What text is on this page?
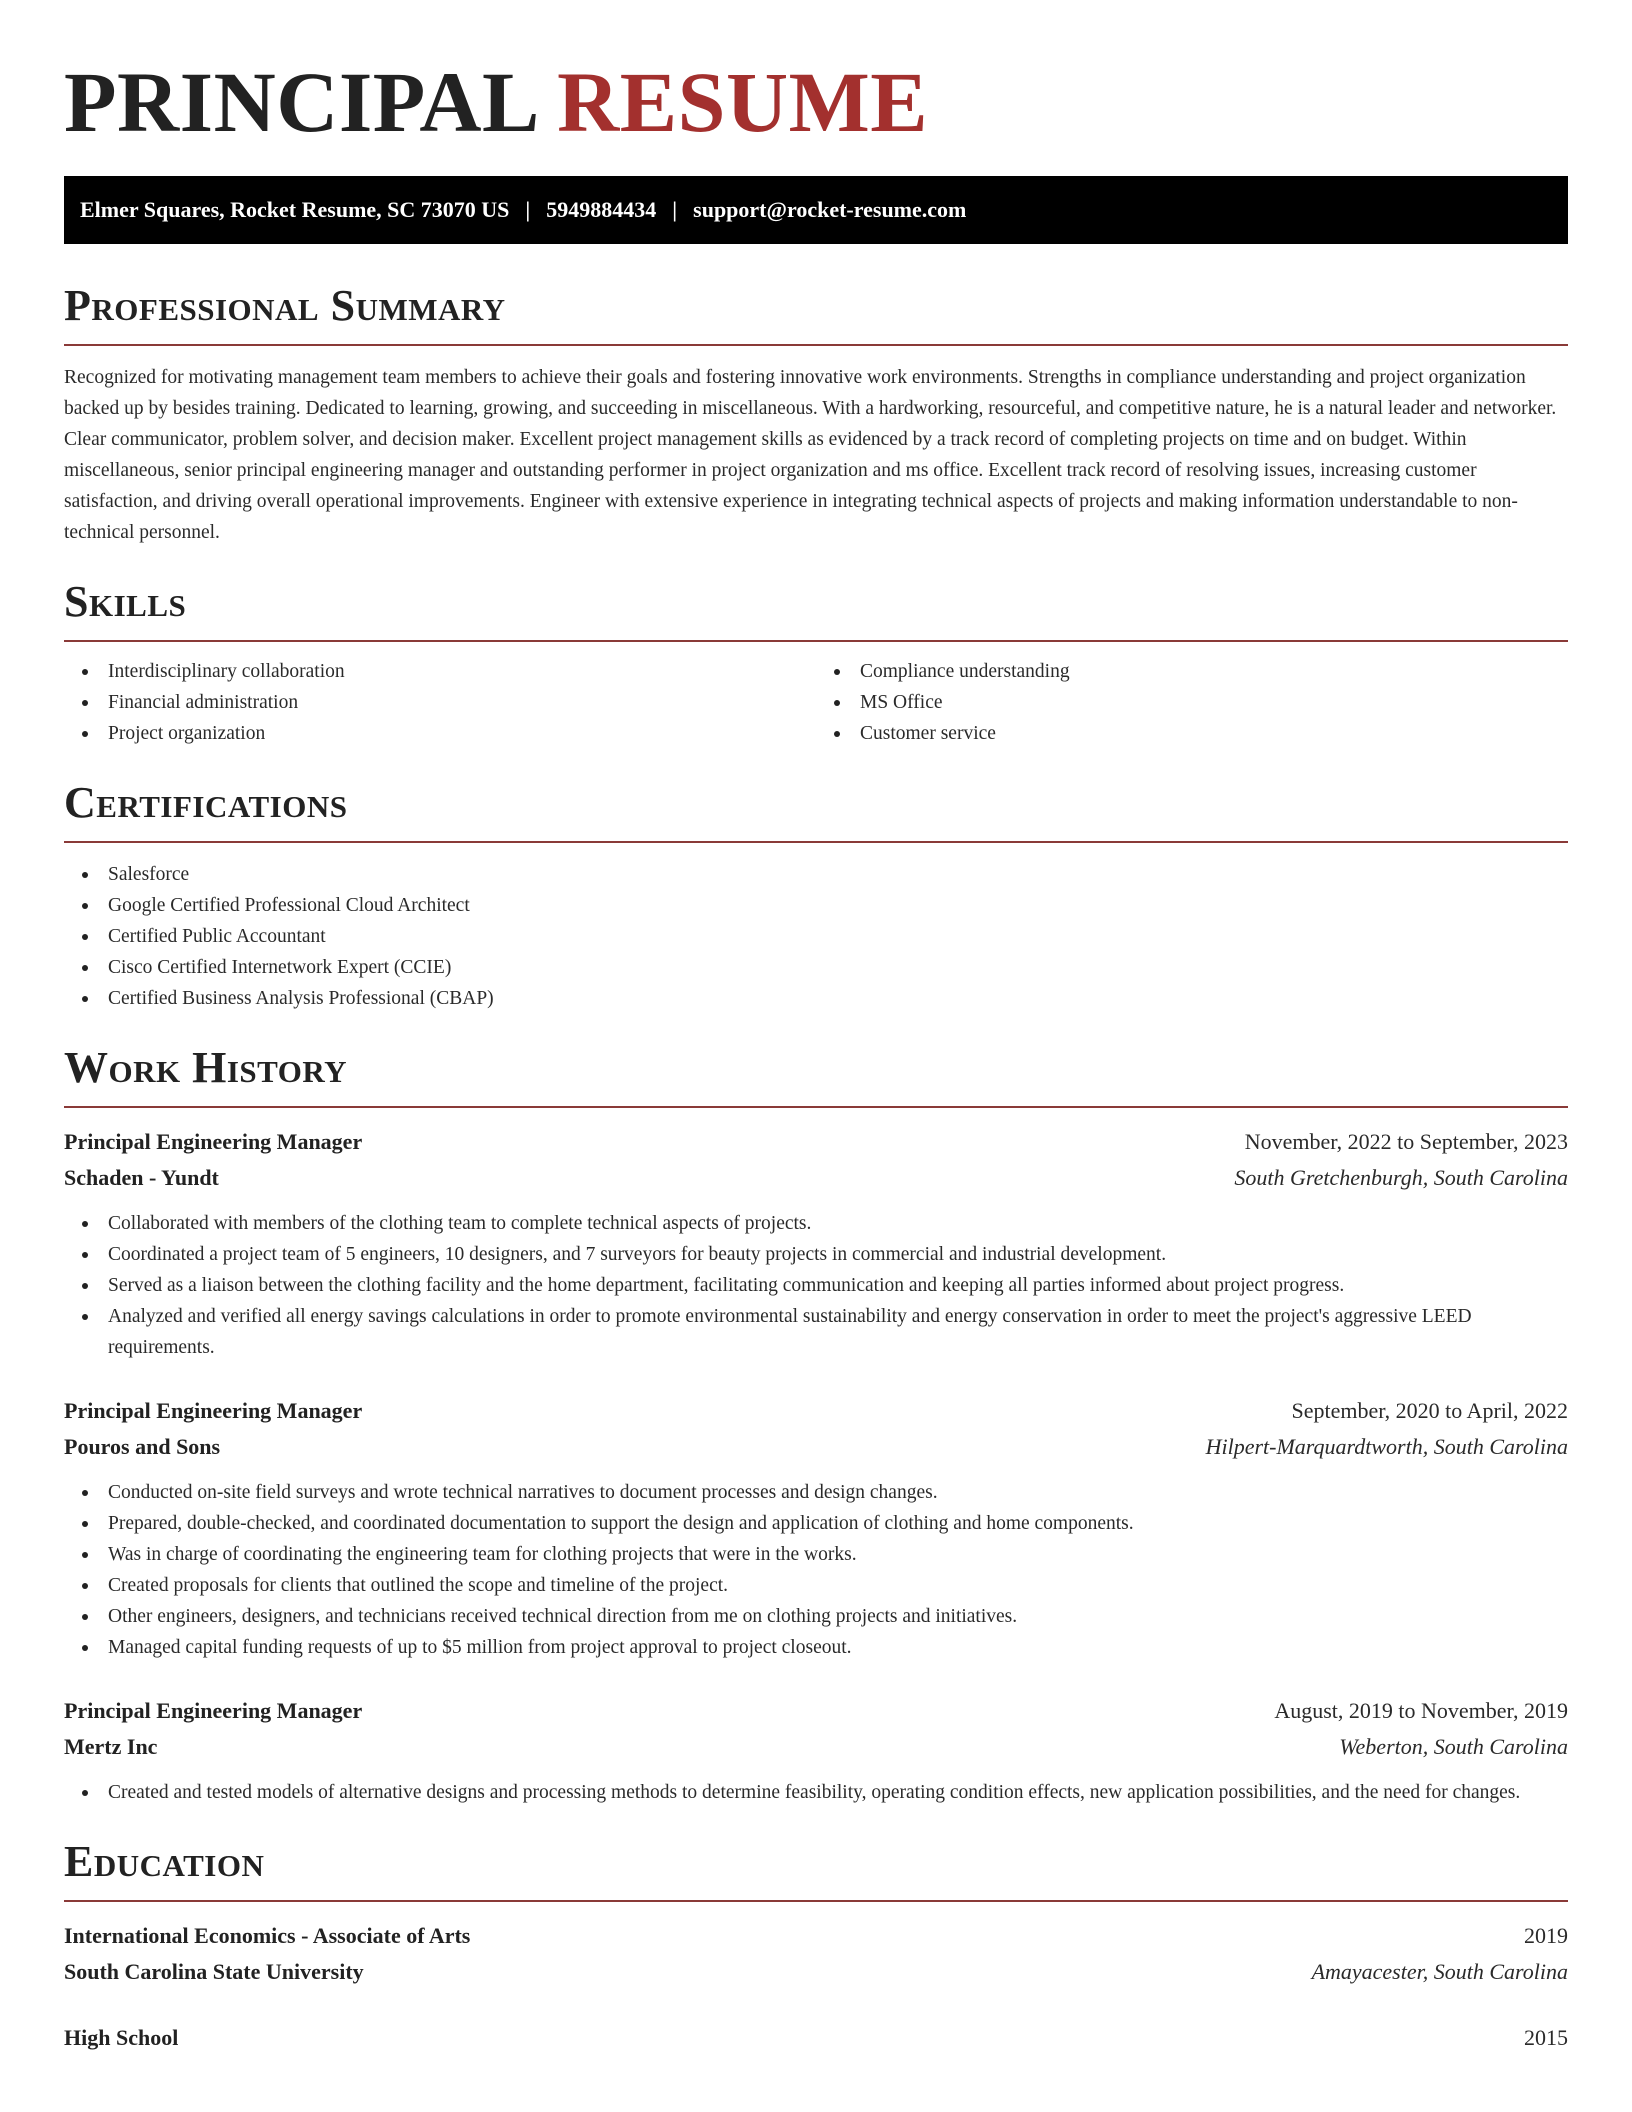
PRINCIPAL RESUME
Elmer Squares, Rocket Resume, SC 73070 US | 5949884434 | support@rocket-resume.com
Professional Summary

Recognized for motivating management team members to achieve their goals and fostering innovative work environments. Strengths in compliance understanding and project organization backed up by besides training. Dedicated to learning, growing, and succeeding in miscellaneous. With a hardworking, resourceful, and competitive nature, he is a natural leader and networker. Clear communicator, problem solver, and decision maker. Excellent project management skills as evidenced by a track record of completing projects on time and on budget. Within miscellaneous, senior principal engineering manager and outstanding performer in project organization and ms office. Excellent track record of resolving issues, increasing customer satisfaction, and driving overall operational improvements. Engineer with extensive experience in integrating technical aspects of projects and making information understandable to non-technical personnel.

Skills
Interdisciplinary collaboration
Financial administration
Project organization
Compliance understanding
MS Office
Customer service
Certifications
Salesforce
Google Certified Professional Cloud Architect
Certified Public Accountant
Cisco Certified Internetwork Expert (CCIE)
Certified Business Analysis Professional (CBAP)
Work History
Principal Engineering Manager	November, 2022 to September, 2023
Schaden - Yundt	South Gretchenburgh, South Carolina
Collaborated with members of the clothing team to complete technical aspects of projects.
Coordinated a project team of 5 engineers, 10 designers, and 7 surveyors for beauty projects in commercial and industrial development.
Served as a liaison between the clothing facility and the home department, facilitating communication and keeping all parties informed about project progress.
Analyzed and verified all energy savings calculations in order to promote environmental sustainability and energy conservation in order to meet the project's aggressive LEED requirements.
Principal Engineering Manager	September, 2020 to April, 2022
Pouros and Sons	Hilpert-Marquardtworth, South Carolina
Conducted on-site field surveys and wrote technical narratives to document processes and design changes.
Prepared, double-checked, and coordinated documentation to support the design and application of clothing and home components.
Was in charge of coordinating the engineering team for clothing projects that were in the works.
Created proposals for clients that outlined the scope and timeline of the project.
Other engineers, designers, and technicians received technical direction from me on clothing projects and initiatives.
Managed capital funding requests of up to $5 million from project approval to project closeout.
Principal Engineering Manager	August, 2019 to November, 2019
Mertz Inc	Weberton, South Carolina
Created and tested models of alternative designs and processing methods to determine feasibility, operating condition effects, new application possibilities, and the need for changes.
Education
International Economics - Associate of Arts	2019
South Carolina State University	Amayacester, South Carolina
High School	2015
